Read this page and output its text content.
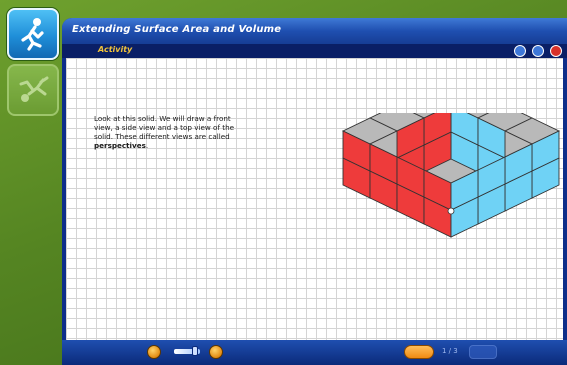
Extending Surface Area and Volume
Activity
Look at this solid. We will draw a front
view, a side view and a top view of the
solid. These different views are called
perspectives.
1 / 3
